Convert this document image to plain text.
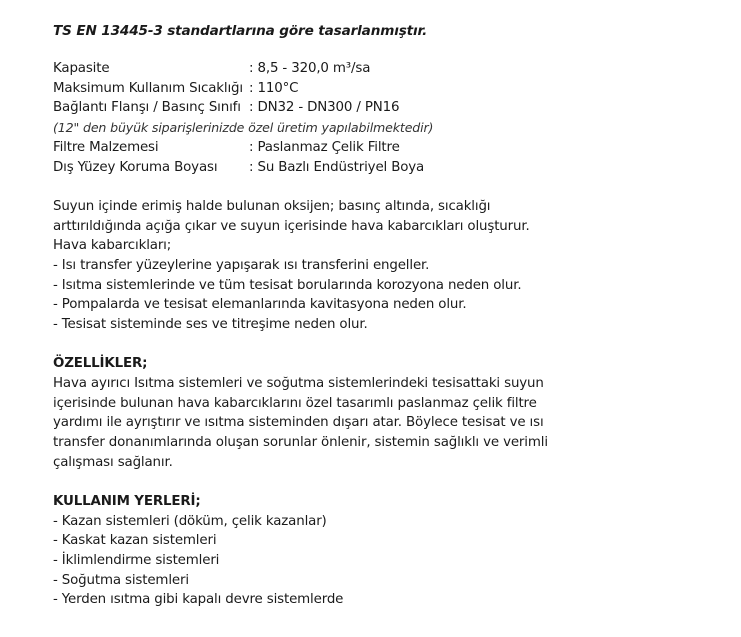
TS EN 13445-3 standartlarına göre tasarlanmıştır.
Kapasite	: 8,5 - 320,0 m³/sa
Maksimum Kullanım Sıcaklığı : 110°C
Bağlantı Flanşı / Basınç Sınıfı : DN32 - DN300 / PN16
(12" den büyük siparişlerinizde özel üretim yapılabilmektedir)
Filtre Malzemesi	: Paslanmaz Çelik Filtre
Dış Yüzey Koruma Boyası	: Su Bazlı Endüstriyel Boya
Suyun içinde erimiş halde bulunan oksijen; basınç altında, sıcaklığı
arttırıldığında açığa çıkar ve suyun içerisinde hava kabarcıkları oluşturur.
Hava kabarcıkları;
- Isı transfer yüzeylerine yapışarak ısı transferini engeller.
- Isıtma sistemlerinde ve tüm tesisat borularında korozyona neden olur.
- Pompalarda ve tesisat elemanlarında kavitasyona neden olur.
- Tesisat sisteminde ses ve titreşime neden olur.
ÖZELLİKLER;
Hava ayırıcı Isıtma sistemleri ve soğutma sistemlerindeki tesisattaki suyun
içerisinde bulunan hava kabarcıklarını özel tasarımlı paslanmaz çelik filtre
yardımı ile ayrıştırır ve ısıtma sisteminden dışarı atar. Böylece tesisat ve ısı
transfer donanımlarında oluşan sorunlar önlenir, sistemin sağlıklı ve verimli
çalışması sağlanır.
KULLANIM YERLERİ;
- Kazan sistemleri (döküm, çelik kazanlar)
- Kaskat kazan sistemleri
- İklimlendirme sistemleri
- Soğutma sistemleri
- Yerden ısıtma gibi kapalı devre sistemlerde
